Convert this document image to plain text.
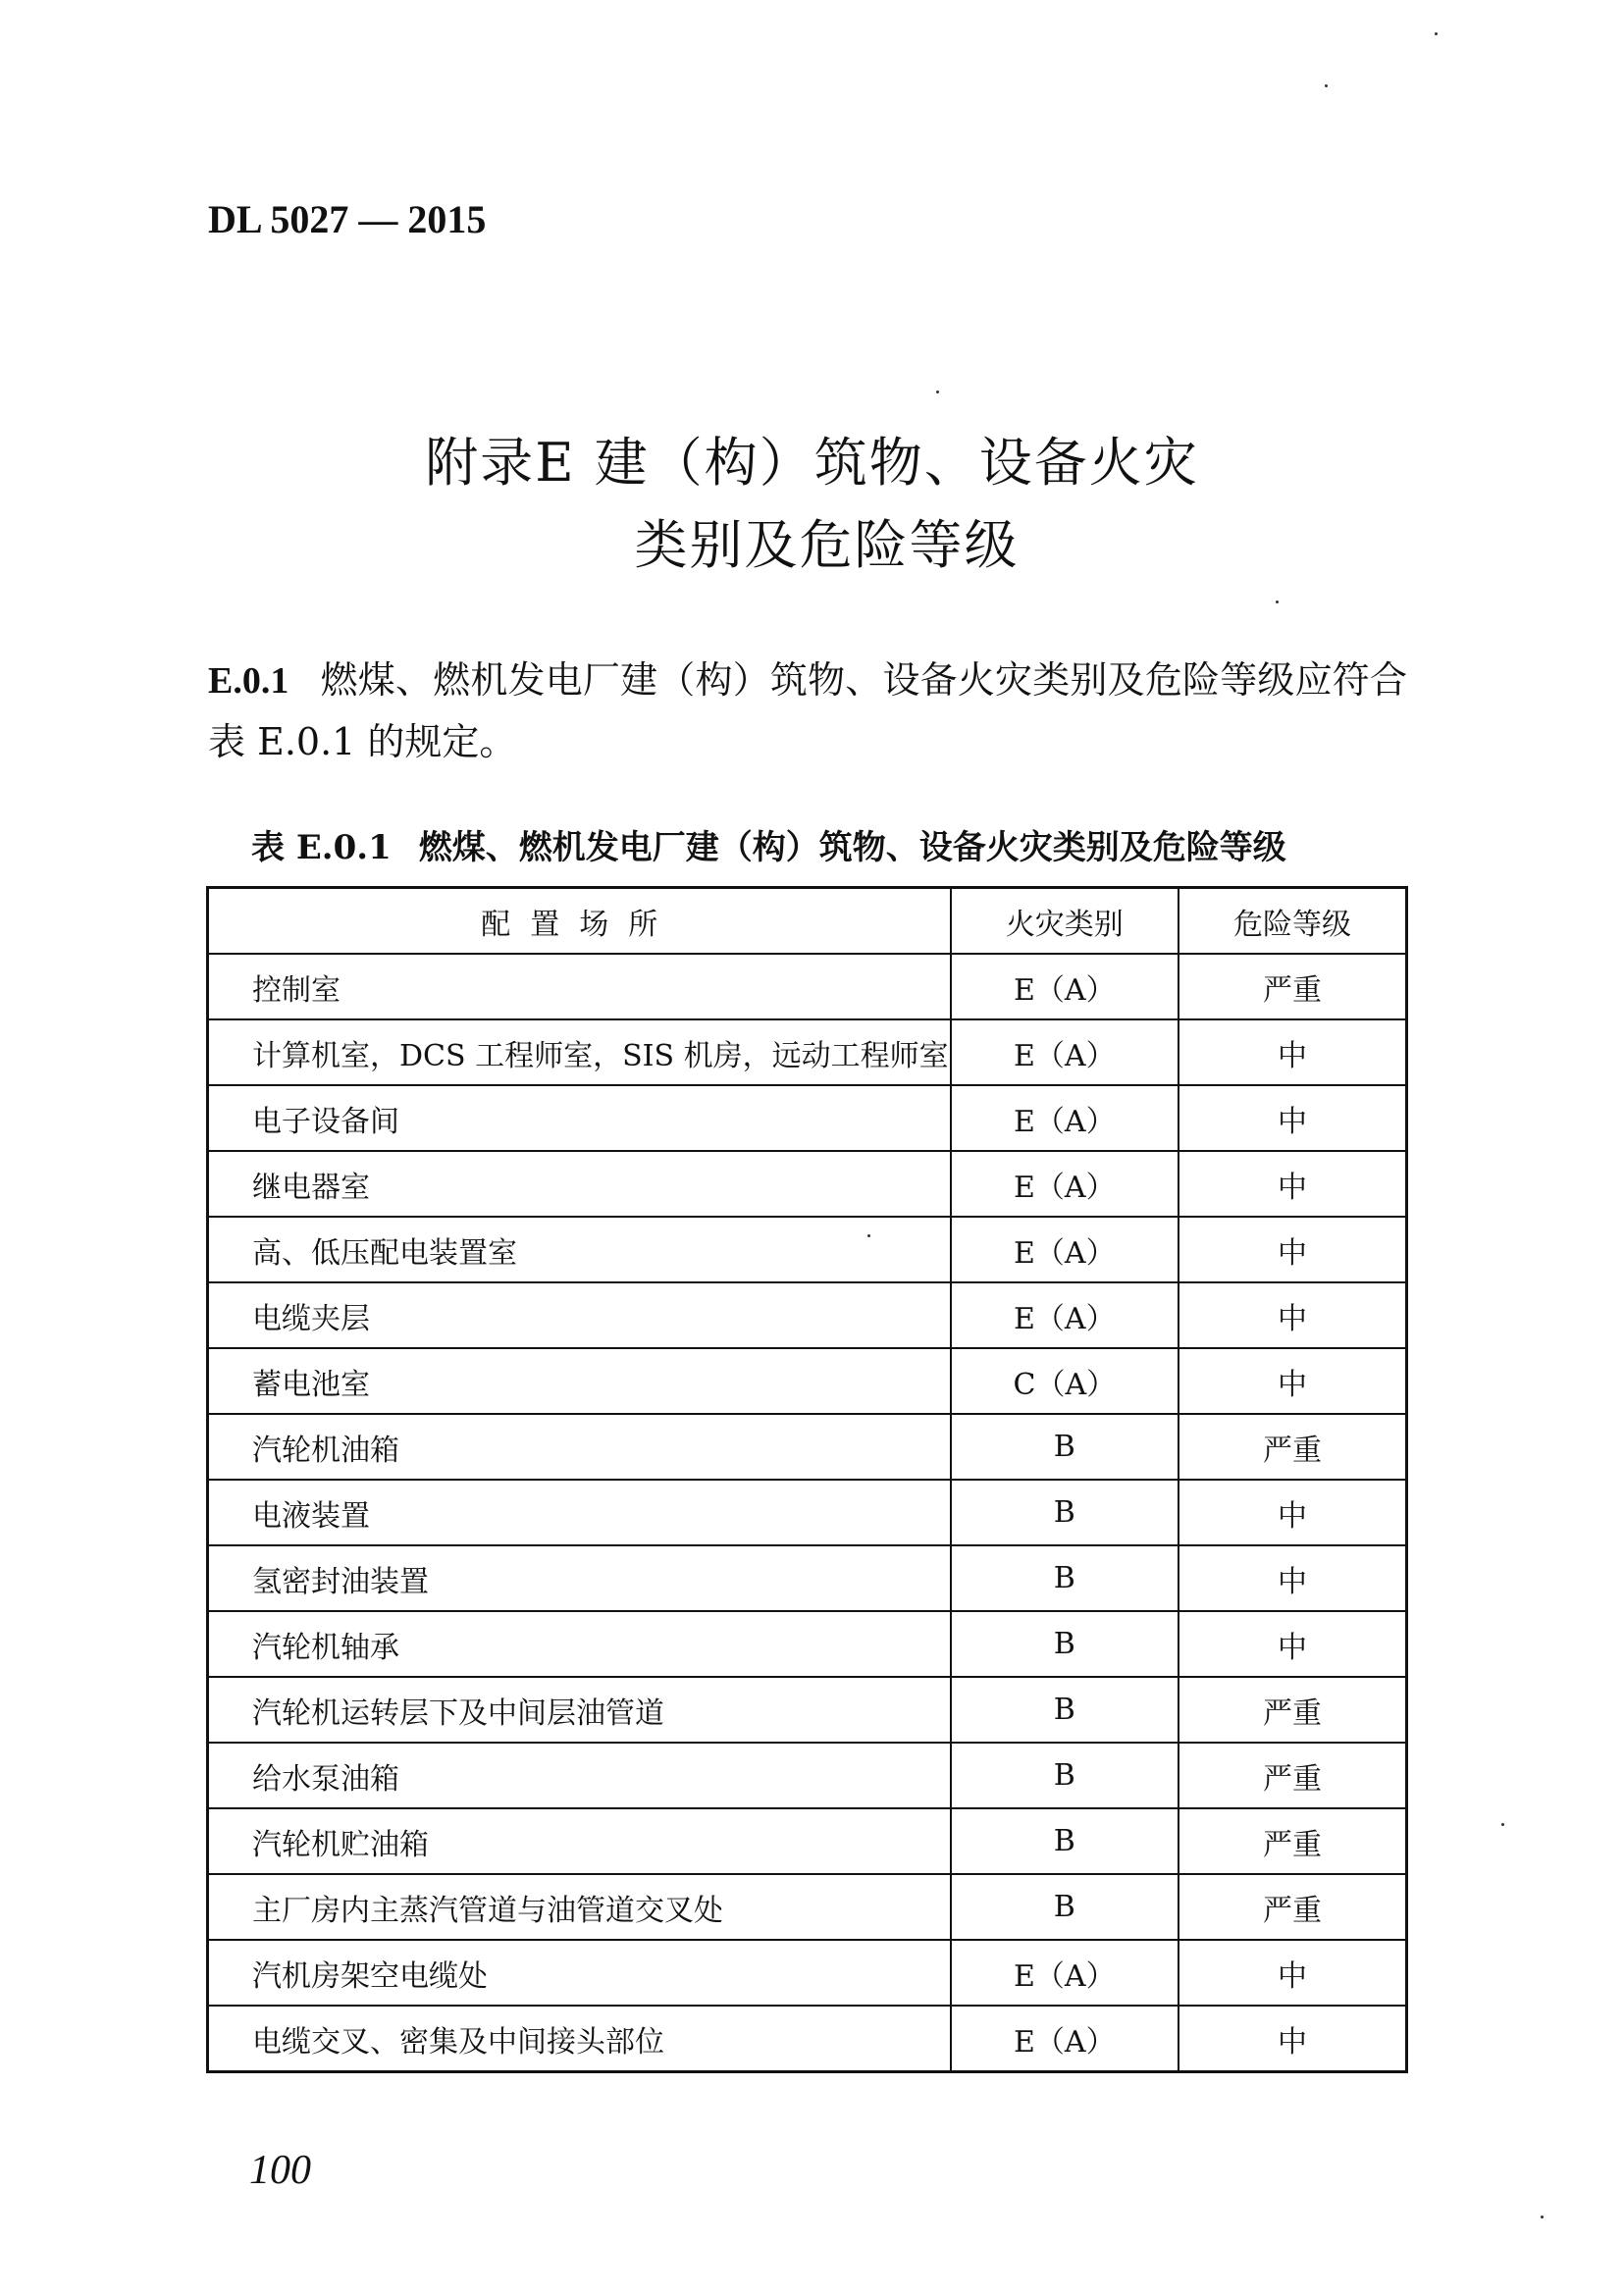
DL 5027 — 2015
附录E 建（构）筑物、设备火灾
类别及危险等级
E.0.1 燃煤、燃机发电厂建（构）筑物、设备火灾类别及危险等级应符合表 E.0.1 的规定。
表 E.0.1 燃煤、燃机发电厂建（构）筑物、设备火灾类别及危险等级
配置场所	火灾类别	危险等级
控制室	E（A）	严重
计算机室，DCS 工程师室，SIS 机房，远动工程师室	E（A）	中
电子设备间	E（A）	中
继电器室	E（A）	中
高、低压配电装置室	E（A）	中
电缆夹层	E（A）	中
蓄电池室	C（A）	中
汽轮机油箱	B	严重
电液装置	B	中
氢密封油装置	B	中
汽轮机轴承	B	中
汽轮机运转层下及中间层油管道	B	严重
给水泵油箱	B	严重
汽轮机贮油箱	B	严重
主厂房内主蒸汽管道与油管道交叉处	B	严重
汽机房架空电缆处	E（A）	中
电缆交叉、密集及中间接头部位	E（A）	中
100
